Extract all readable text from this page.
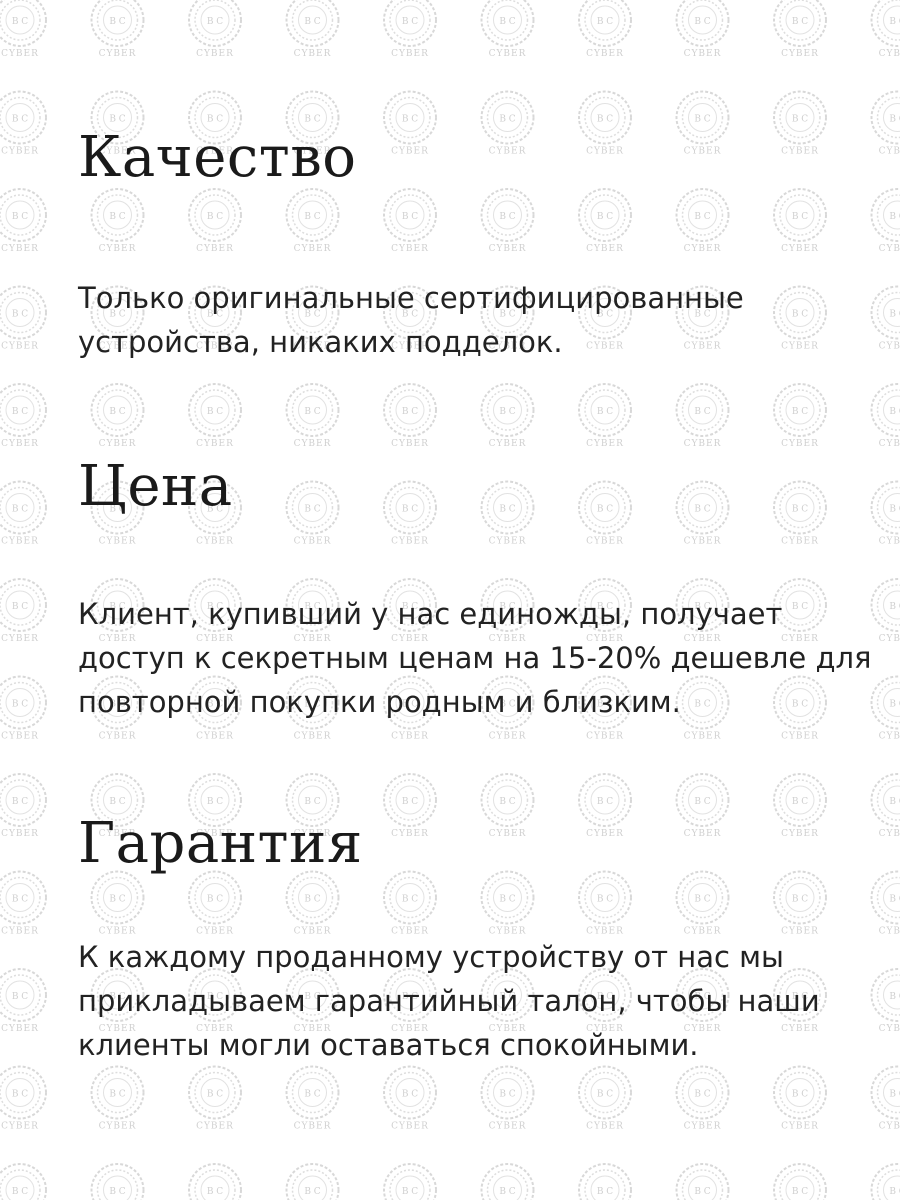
Качество

Только оригинальные сертифицированные устройства, никаких подделок.

Цена

Клиент, купивший у нас единожды, получает доступ к секретным ценам на 15-20% дешевле для повторной покупки родным и близким.

Гарантия

К каждому проданному устройству от нас мы прикладываем гарантийный талон, чтобы наши клиенты могли оставаться спокойными.
